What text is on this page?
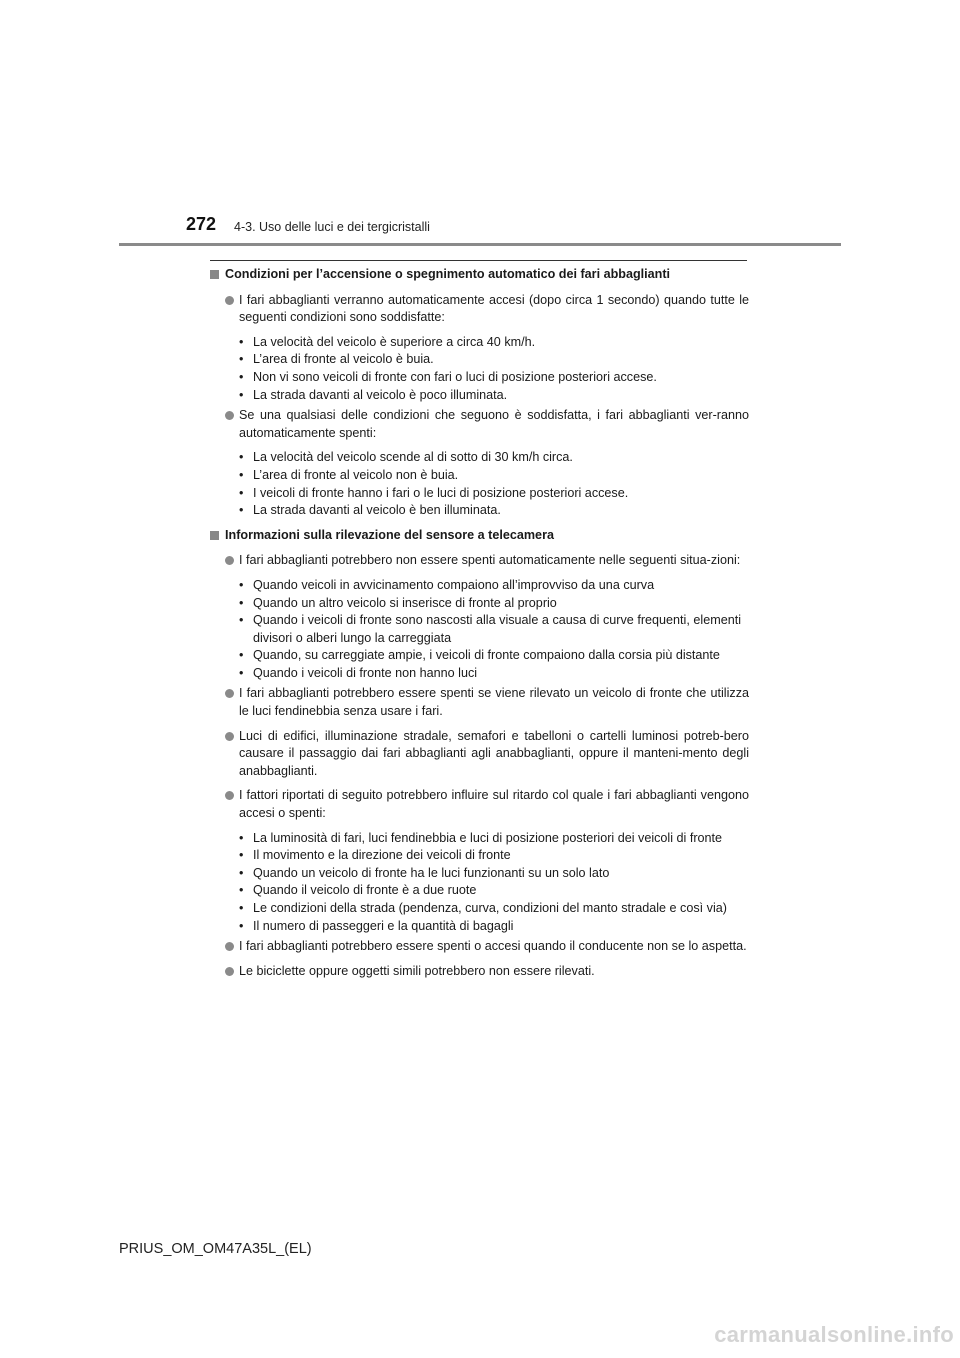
272 4-3. Uso delle luci e dei tergicristalli
Condizioni per l’accensione o spegnimento automatico dei fari abbaglianti
I fari abbaglianti verranno automaticamente accesi (dopo circa 1 secondo) quando tutte le seguenti condizioni sono soddisfatte:
• La velocità del veicolo è superiore a circa 40 km/h.
• L’area di fronte al veicolo è buia.
• Non vi sono veicoli di fronte con fari o luci di posizione posteriori accese.
• La strada davanti al veicolo è poco illuminata.
Se una qualsiasi delle condizioni che seguono è soddisfatta, i fari abbaglianti ver-ranno automaticamente spenti:
• La velocità del veicolo scende al di sotto di 30 km/h circa.
• L’area di fronte al veicolo non è buia.
• I veicoli di fronte hanno i fari o le luci di posizione posteriori accese.
• La strada davanti al veicolo è ben illuminata.
Informazioni sulla rilevazione del sensore a telecamera
I fari abbaglianti potrebbero non essere spenti automaticamente nelle seguenti situa-zioni:
• Quando veicoli in avvicinamento compaiono all’improvviso da una curva
• Quando un altro veicolo si inserisce di fronte al proprio
• Quando i veicoli di fronte sono nascosti alla visuale a causa di curve frequenti, elementi divisori o alberi lungo la carreggiata
• Quando, su carreggiate ampie, i veicoli di fronte compaiono dalla corsia più distante
• Quando i veicoli di fronte non hanno luci
I fari abbaglianti potrebbero essere spenti se viene rilevato un veicolo di fronte che utilizza le luci fendinebbia senza usare i fari.
Luci di edifici, illuminazione stradale, semafori e tabelloni o cartelli luminosi potreb-bero causare il passaggio dai fari abbaglianti agli anabbaglianti, oppure il manteni-mento degli anabbaglianti.
I fattori riportati di seguito potrebbero influire sul ritardo col quale i fari abbaglianti vengono accesi o spenti:
• La luminosità di fari, luci fendinebbia e luci di posizione posteriori dei veicoli di fronte
• Il movimento e la direzione dei veicoli di fronte
• Quando un veicolo di fronte ha le luci funzionanti su un solo lato
• Quando il veicolo di fronte è a due ruote
• Le condizioni della strada (pendenza, curva, condizioni del manto stradale e così via)
• Il numero di passeggeri e la quantità di bagagli
I fari abbaglianti potrebbero essere spenti o accesi quando il conducente non se lo aspetta.
Le biciclette oppure oggetti simili potrebbero non essere rilevati.
PRIUS_OM_OM47A35L_(EL)
carmanualsonline.info
